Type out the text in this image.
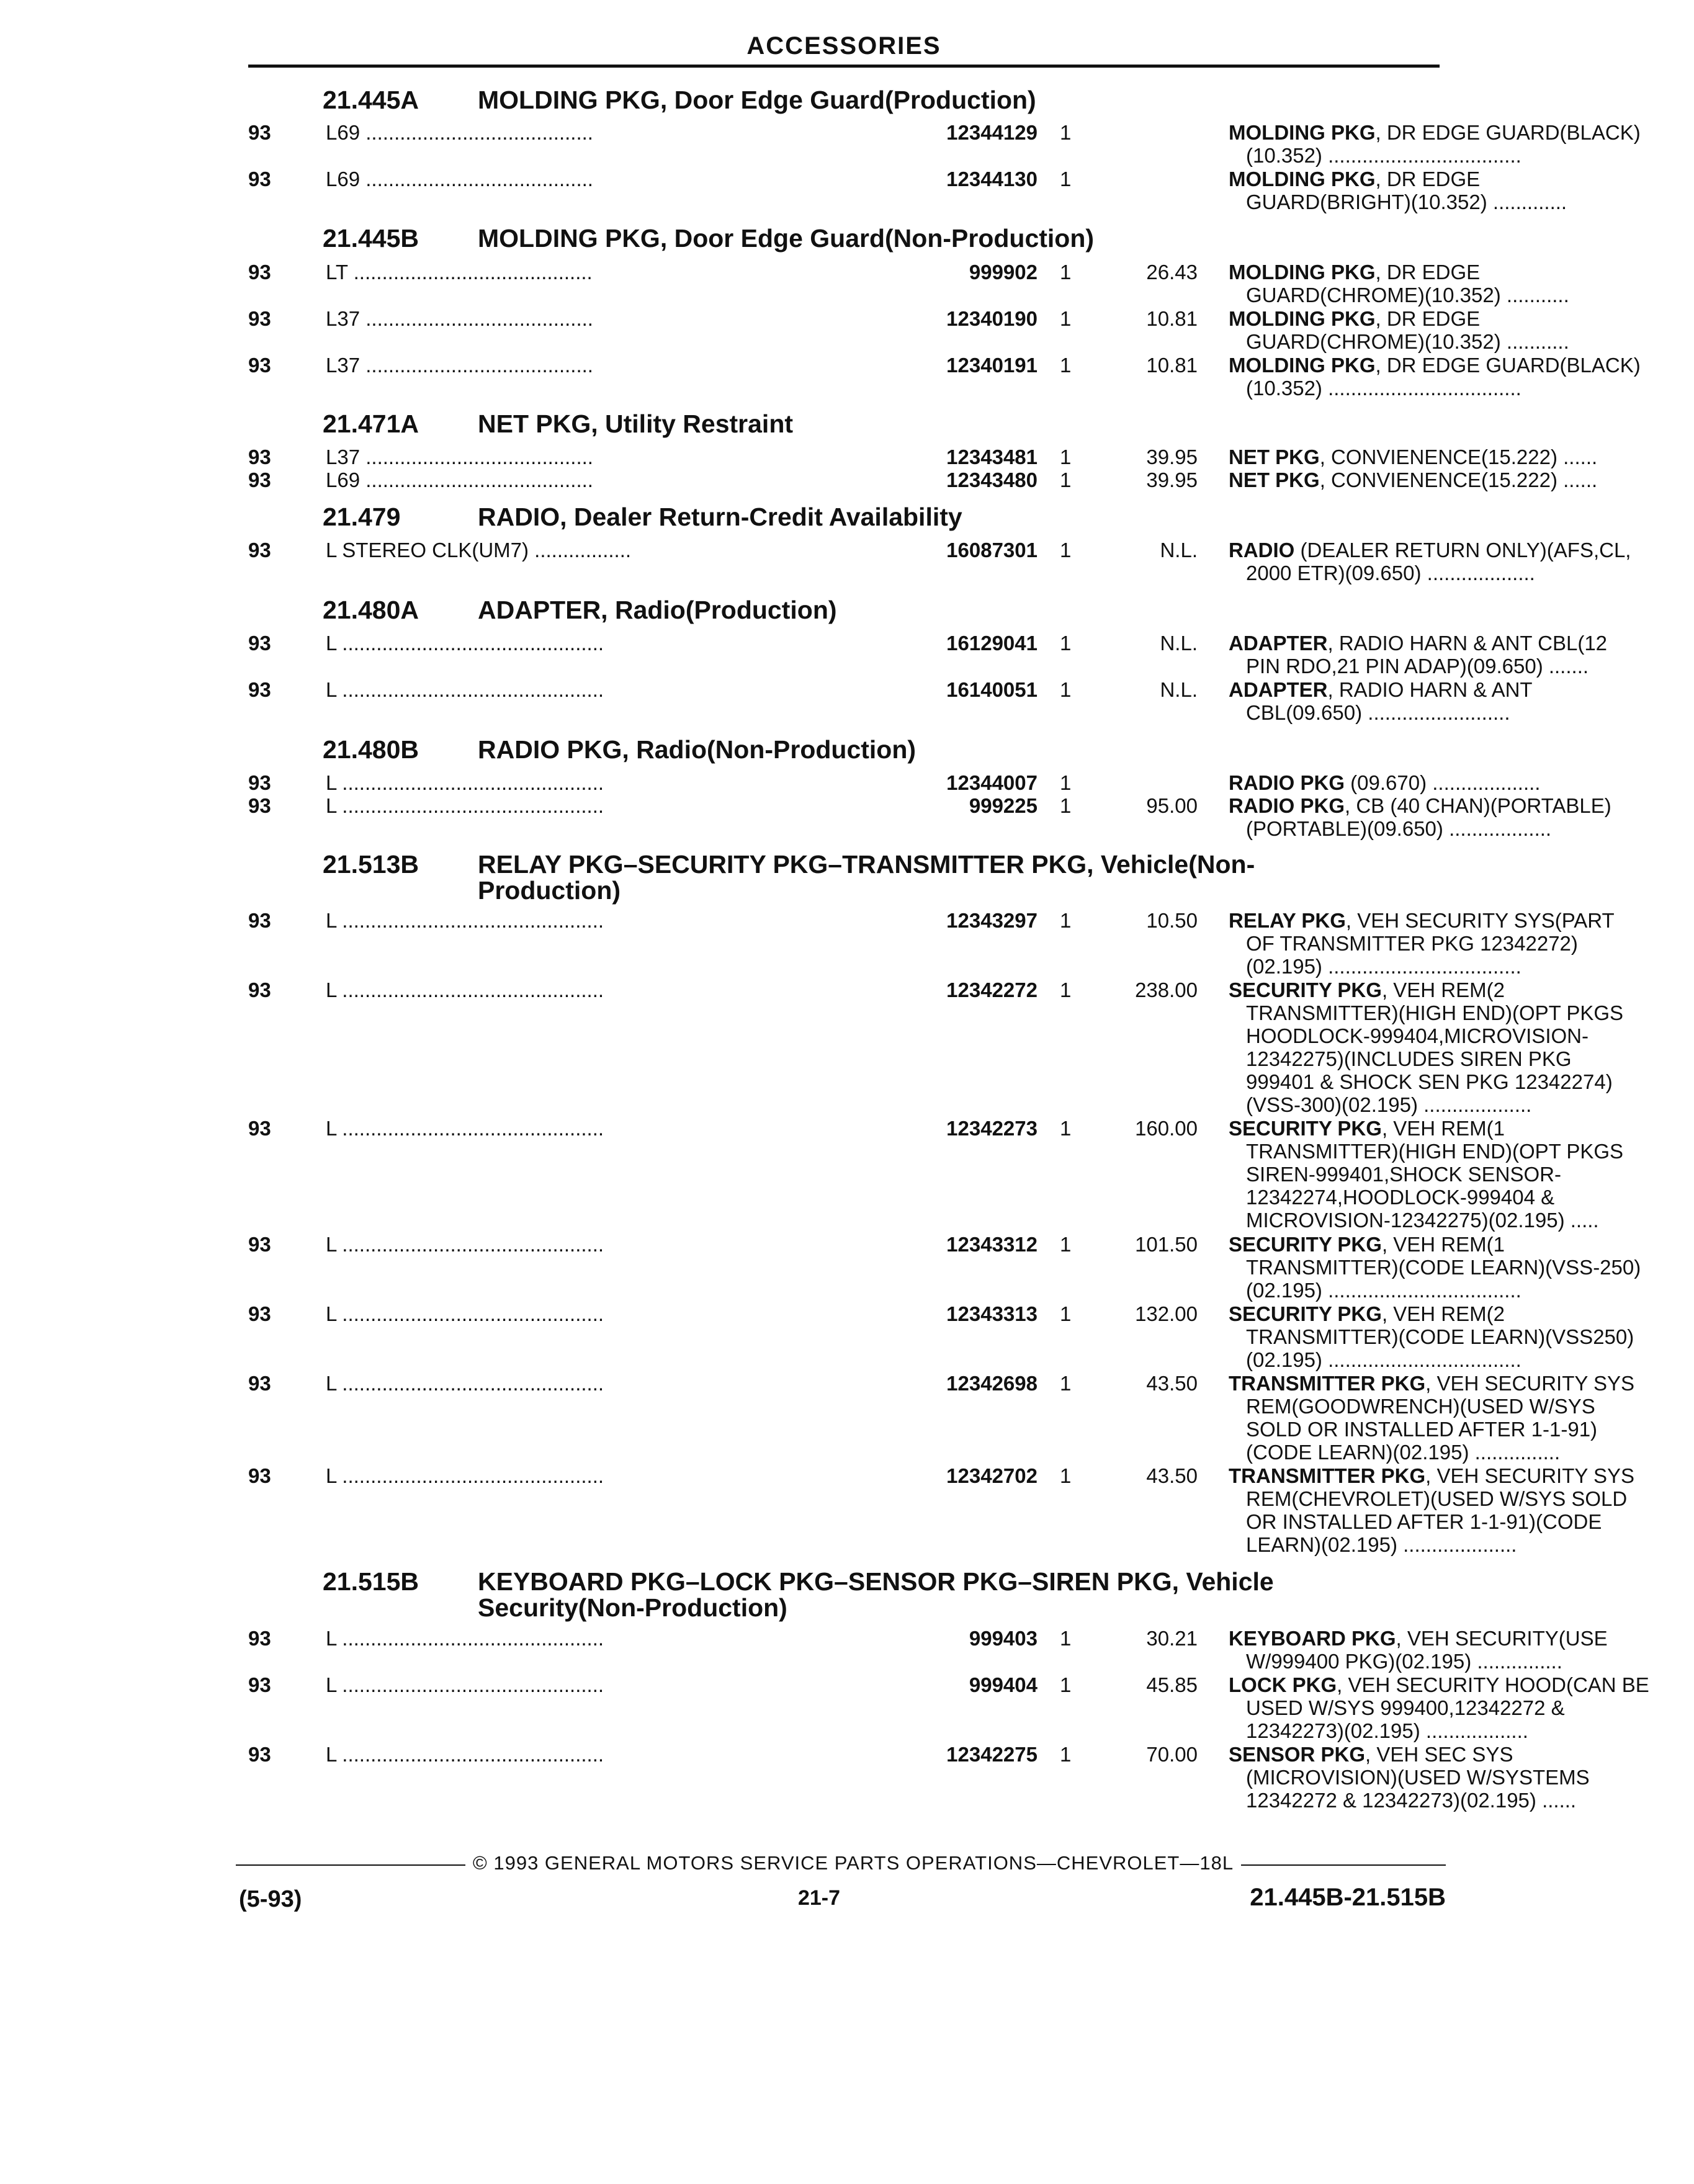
ACCESSORIES
21.445A MOLDING PKG, Door Edge Guard(Production)
21.445B MOLDING PKG, Door Edge Guard(Non-Production)
21.471A NET PKG, Utility Restraint
21.479	RADIO, Dealer Return-Credit Availability
21.480A ADAPTER, Radio(Production)
21.480B RADIO PKG, Radio(Non-Production)
21.513B RELAY PKG–SECURITY PKG–TRANSMITTER PKG, Vehicle(Non-
Production)
21.515B KEYBOARD PKG–LOCK PKG–SENSOR PKG–SIREN PKG, Vehicle
Security(Non-Production)
93	L69 ........................................	12344129 1	MOLDING PKG, DR EDGE GUARD(BLACK)
(10.352) ..................................
93	L69 ........................................	12344130 1	MOLDING PKG, DR EDGE
GUARD(BRIGHT)(10.352) .............
93	LT ..........................................	999902 1	26.43 MOLDING PKG, DR EDGE
GUARD(CHROME)(10.352) ...........
93	L37 ........................................	12340190 1	10.81 MOLDING PKG, DR EDGE
GUARD(CHROME)(10.352) ...........
93	L37 ........................................	12340191 1	10.81 MOLDING PKG, DR EDGE GUARD(BLACK)
(10.352) ..................................
93	L37 ........................................	12343481 1	39.95 NET PKG, CONVIENENCE(15.222) ......
93	L69 ........................................	12343480 1	39.95 NET PKG, CONVIENENCE(15.222) ......
93	L STEREO CLK(UM7) .................	16087301 1	N.L. RADIO (DEALER RETURN ONLY)(AFS,CL,
2000 ETR)(09.650) ...................
93	L ..............................................	16129041 1	N.L. ADAPTER, RADIO HARN & ANT CBL(12
PIN RDO,21 PIN ADAP)(09.650) .......
93	L ..............................................	16140051 1	N.L. ADAPTER, RADIO HARN & ANT
CBL(09.650) .........................
93	L ..............................................	12344007 1	RADIO PKG (09.670) ...................
93	L ..............................................	999225 1	95.00 RADIO PKG, CB (40 CHAN)(PORTABLE)
(PORTABLE)(09.650) ..................
93	L ..............................................	12343297 1	10.50 RELAY PKG, VEH SECURITY SYS(PART
OF TRANSMITTER PKG 12342272)
(02.195) ..................................
93	L ..............................................	12342272 1	238.00 SECURITY PKG, VEH REM(2
TRANSMITTER)(HIGH END)(OPT PKGS
HOODLOCK-999404,MICROVISION-
12342275)(INCLUDES SIREN PKG
999401 & SHOCK SEN PKG 12342274)
(VSS-300)(02.195) ...................
93	L ..............................................	12342273 1	160.00 SECURITY PKG, VEH REM(1
TRANSMITTER)(HIGH END)(OPT PKGS
SIREN-999401,SHOCK SENSOR-
12342274,HOODLOCK-999404 &
MICROVISION-12342275)(02.195) .....
93	L ..............................................	12343312 1	101.50 SECURITY PKG, VEH REM(1
TRANSMITTER)(CODE LEARN)(VSS-250)
(02.195) ..................................
93	L ..............................................	12343313 1	132.00 SECURITY PKG, VEH REM(2
TRANSMITTER)(CODE LEARN)(VSS250)
(02.195) ..................................
93	L ..............................................	12342698 1	43.50 TRANSMITTER PKG, VEH SECURITY SYS
REM(GOODWRENCH)(USED W/SYS
SOLD OR INSTALLED AFTER 1-1-91)
(CODE LEARN)(02.195) ...............
93	L ..............................................	12342702 1	43.50 TRANSMITTER PKG, VEH SECURITY SYS
REM(CHEVROLET)(USED W/SYS SOLD
OR INSTALLED AFTER 1-1-91)(CODE
LEARN)(02.195) ....................
93	L ..............................................	999403 1	30.21 KEYBOARD PKG, VEH SECURITY(USE
W/999400 PKG)(02.195) ...............
93	L ..............................................	999404 1	45.85 LOCK PKG, VEH SECURITY HOOD(CAN BE
USED W/SYS 999400,12342272 &
12342273)(02.195) ..................
93	L ..............................................	12342275 1	70.00 SENSOR PKG, VEH SEC SYS
(MICROVISION)(USED W/SYSTEMS
12342272 & 12342273)(02.195) ......
© 1993 GENERAL MOTORS SERVICE PARTS OPERATIONS—CHEVROLET—18L
(5-93)	21-7	21.445B-21.515B
